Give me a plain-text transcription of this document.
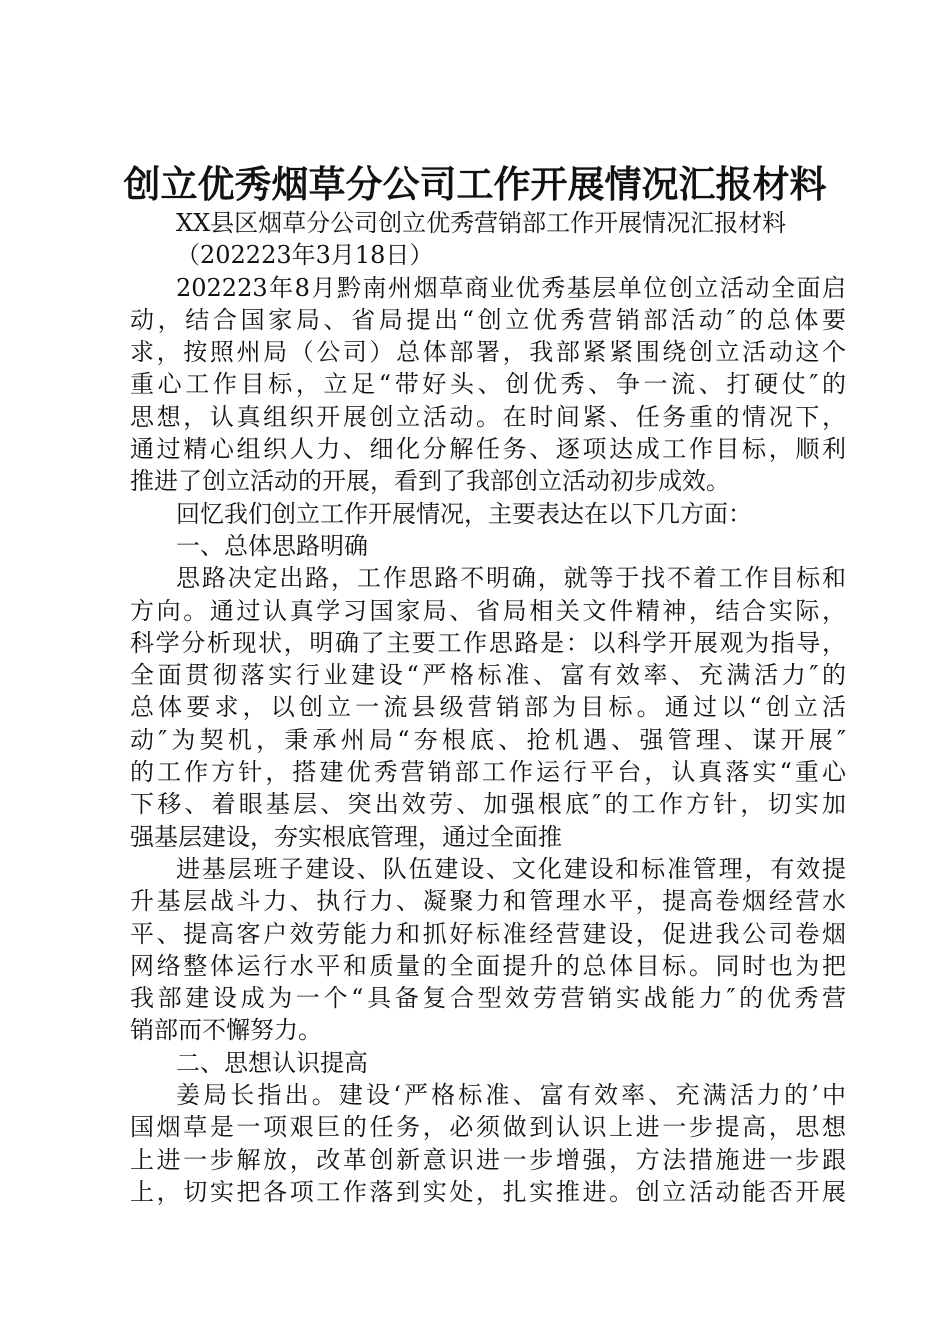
创立优秀烟草分公司工作开展情况汇报材料
XX县区烟草分公司创立优秀营销部工作开展情况汇报材料
（202223年3月18日）
202223年8月黔南州烟草商业优秀基层单位创立活动全面启
动，结合国家局、省局提出“创立优秀营销部活动″的总体要
求，按照州局（公司）总体部署，我部紧紧围绕创立活动这个
重心工作目标，立足“带好头、创优秀、争一流、打硬仗″的
思想，认真组织开展创立活动。在时间紧、任务重的情况下，
通过精心组织人力、细化分解任务、逐项达成工作目标，顺利
推进了创立活动的开展，看到了我部创立活动初步成效。
回忆我们创立工作开展情况，主要表达在以下几方面：
一、总体思路明确
思路决定出路，工作思路不明确，就等于找不着工作目标和
方向。通过认真学习国家局、省局相关文件精神，结合实际，
科学分析现状，明确了主要工作思路是：以科学开展观为指导，
全面贯彻落实行业建设“严格标准、富有效率、充满活力″的
总体要求，以创立一流县级营销部为目标。通过以“创立活
动″为契机，秉承州局“夯根底、抢机遇、强管理、谋开展″
的工作方针，搭建优秀营销部工作运行平台，认真落实“重心
下移、着眼基层、突出效劳、加强根底″的工作方针，切实加
强基层建设，夯实根底管理，通过全面推
进基层班子建设、队伍建设、文化建设和标准管理，有效提
升基层战斗力、执行力、凝聚力和管理水平，提高卷烟经营水
平、提高客户效劳能力和抓好标准经营建设，促进我公司卷烟
网络整体运行水平和质量的全面提升的总体目标。同时也为把
我部建设成为一个“具备复合型效劳营销实战能力″的优秀营
销部而不懈努力。
二、思想认识提高
姜局长指出。建设‘严格标准、富有效率、充满活力的’中
国烟草是一项艰巨的任务，必须做到认识上进一步提高，思想
上进一步解放，改革创新意识进一步增强，方法措施进一步跟
上，切实把各项工作落到实处，扎实推进。创立活动能否开展
